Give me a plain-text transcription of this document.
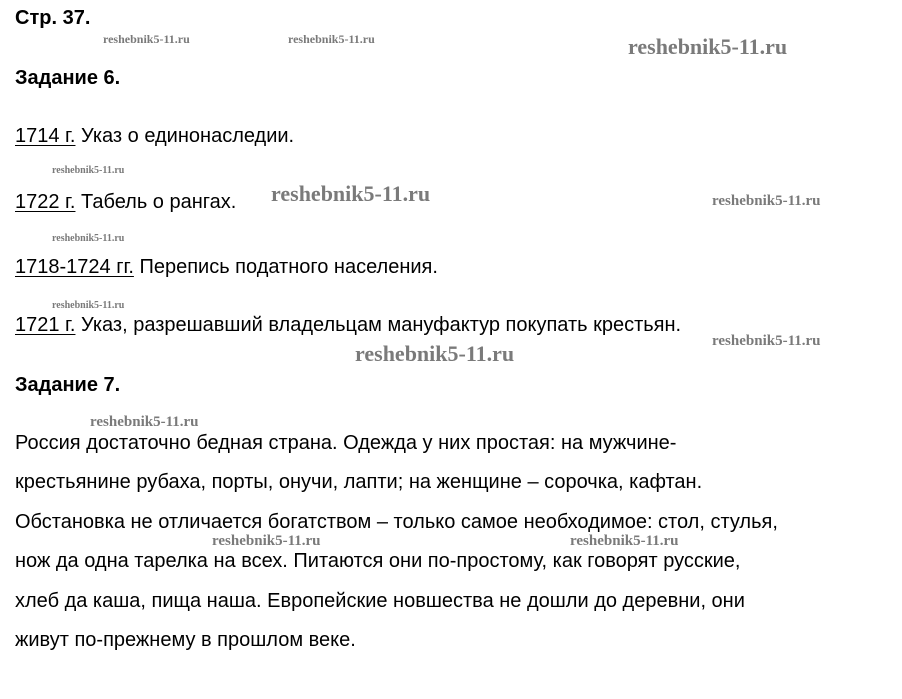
Стр. 37.
Задание 6.
1714 г. Указ о единонаследии.
1722 г. Табель о рангах.
1718-1724 гг. Перепись податного населения.
1721 г. Указ, разрешавший владельцам мануфактур покупать крестьян.
Задание 7.
Россия достаточно бедная страна. Одежда у них простая: на мужчине-
крестьянине рубаха, порты, онучи, лапти; на женщине – сорочка, кафтан.
Обстановка не отличается богатством – только самое необходимое: стол, стулья,
нож да одна тарелка на всех. Питаются они по-простому, как говорят русские,
хлеб да каша, пища наша. Европейские новшества не дошли до деревни, они
живут по-прежнему в прошлом веке.
reshebnik5-11.ru	reshebnik5-11.ru	reshebnik5-11.ru
reshebnik5-11.ru
reshebnik5-11.ru	reshebnik5-11.ru
reshebnik5-11.ru
reshebnik5-11.ru
reshebnik5-11.ru
reshebnik5-11.ru
reshebnik5-11.ru
reshebnik5-11.ru	reshebnik5-11.ru
